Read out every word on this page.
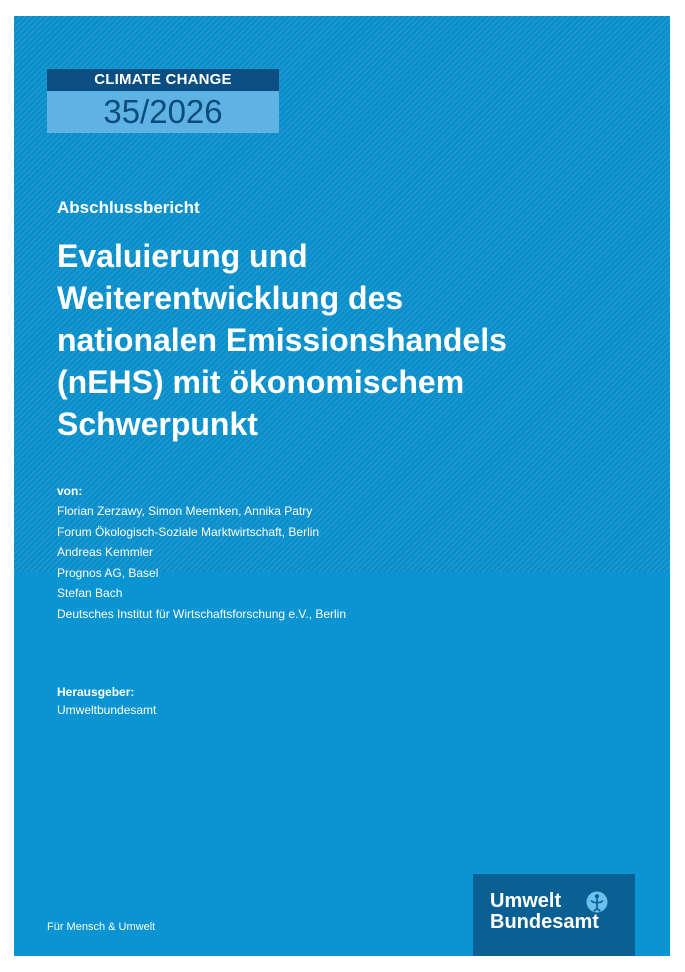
CLIMATE CHANGE
35/2026
Abschlussbericht
Evaluierung und
Weiterentwicklung des
nationalen Emissionshandels
(nEHS) mit ökonomischem
Schwerpunkt
von:
Florian Zerzawy, Simon Meemken, Annika Patry
Forum Ökologisch-Soziale Marktwirtschaft, Berlin
Andreas Kemmler
Prognos AG, Basel
Stefan Bach
Deutsches Institut für Wirtschaftsforschung e.V., Berlin
Herausgeber:
Umweltbundesamt
Für Mensch & Umwelt
Umwelt
Bundesamt
